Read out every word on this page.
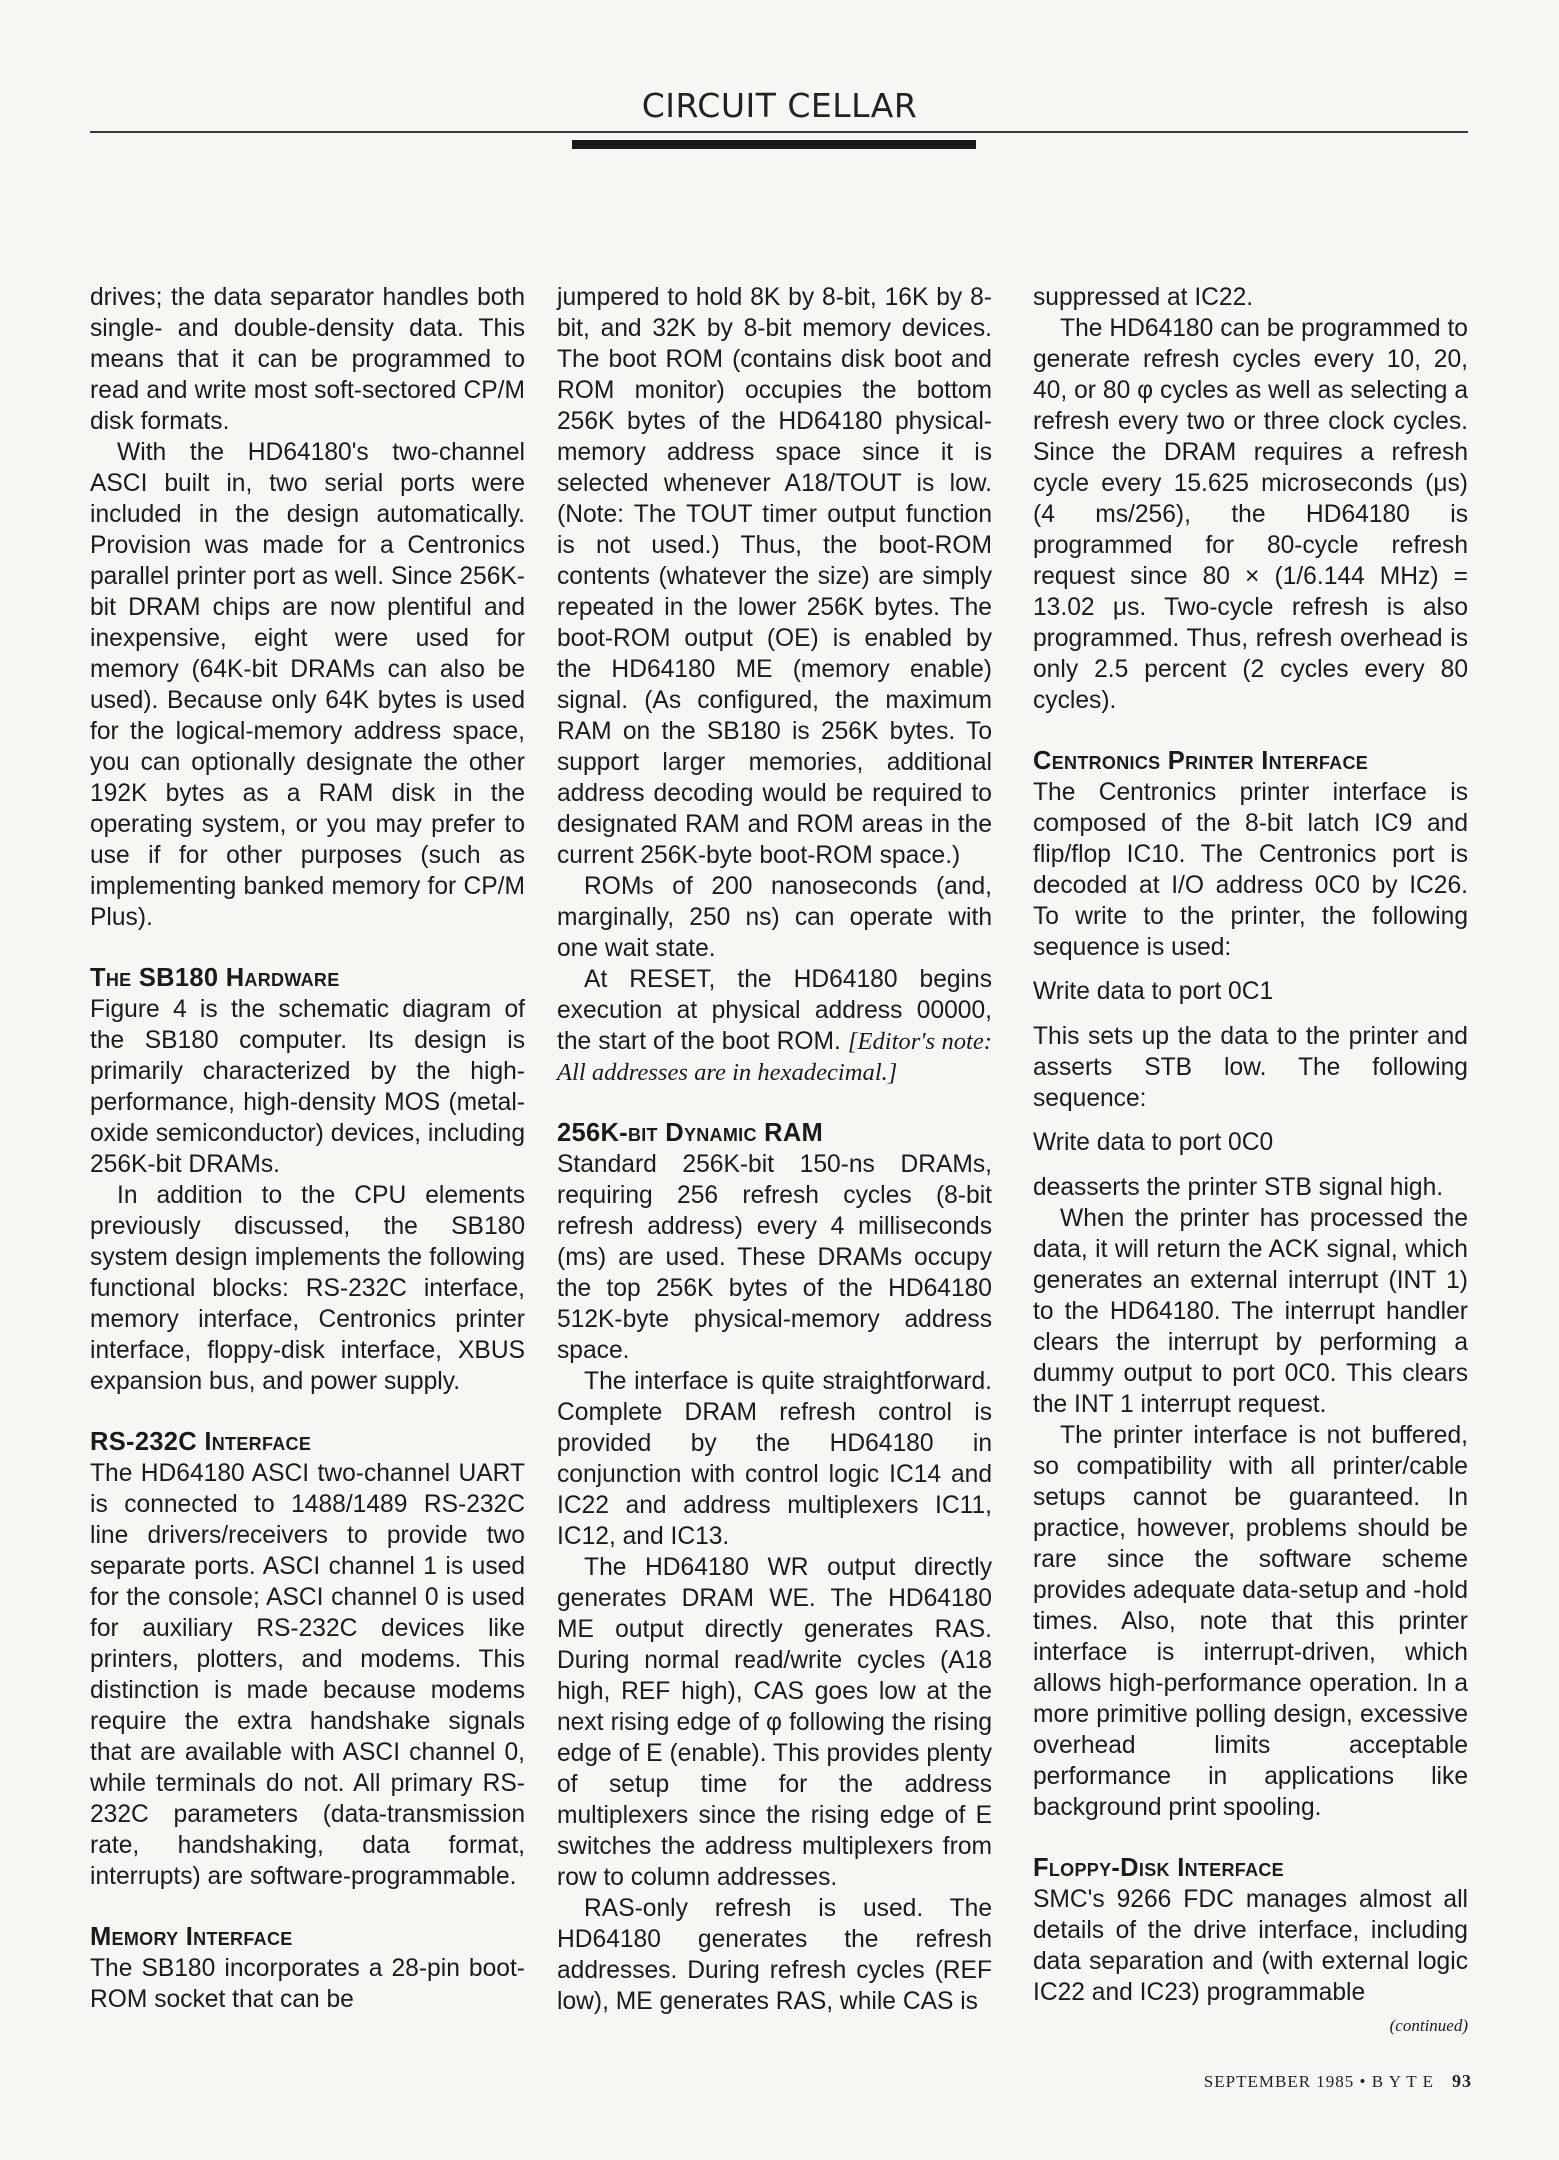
CIRCUIT CELLAR

drives; the data separator handles both single- and double-density data. This means that it can be programmed to read and write most soft-sectored CP/M disk formats.

With the HD64180's two-channel ASCI built in, two serial ports were included in the design automatically. Provision was made for a Centronics parallel printer port as well. Since 256K-bit DRAM chips are now plentiful and inexpensive, eight were used for memory (64K-bit DRAMs can also be used). Because only 64K bytes is used for the logical-memory address space, you can optionally designate the other 192K bytes as a RAM disk in the operating system, or you may prefer to use if for other purposes (such as implementing banked memory for CP/M Plus).

The SB180 Hardware

Figure 4 is the schematic diagram of the SB180 computer. Its design is primarily characterized by the high-performance, high-density MOS (metal-oxide semiconductor) devices, including 256K-bit DRAMs.

In addition to the CPU elements previously discussed, the SB180 system design implements the following functional blocks: RS-232C interface, memory interface, Centronics printer interface, floppy-disk interface, XBUS expansion bus, and power supply.

RS-232C Interface

The HD64180 ASCI two-channel UART is connected to 1488/1489 RS-232C line drivers/receivers to provide two separate ports. ASCI channel 1 is used for the console; ASCI channel 0 is used for auxiliary RS-232C devices like printers, plotters, and modems. This distinction is made because modems require the extra handshake signals that are available with ASCI channel 0, while terminals do not. All primary RS-232C parameters (data-transmission rate, handshaking, data format, interrupts) are software-programmable.

Memory Interface

The SB180 incorporates a 28-pin boot-ROM socket that can be

jumpered to hold 8K by 8-bit, 16K by 8-bit, and 32K by 8-bit memory devices. The boot ROM (contains disk boot and ROM monitor) occupies the bottom 256K bytes of the HD64180 physical-memory address space since it is selected whenever A18/TOUT is low. (Note: The TOUT timer output function is not used.) Thus, the boot-ROM contents (whatever the size) are simply repeated in the lower 256K bytes. The boot-ROM output (OE) is enabled by the HD64180 ME (memory enable) signal. (As configured, the maximum RAM on the SB180 is 256K bytes. To support larger memories, additional address decoding would be required to designated RAM and ROM areas in the current 256K-byte boot-ROM space.)

ROMs of 200 nanoseconds (and, marginally, 250 ns) can operate with one wait state.

At RESET, the HD64180 begins execution at physical address 00000, the start of the boot ROM. [Editor's note: All addresses are in hexadecimal.]

256K-bit Dynamic RAM

Standard 256K-bit 150-ns DRAMs, requiring 256 refresh cycles (8-bit refresh address) every 4 milliseconds (ms) are used. These DRAMs occupy the top 256K bytes of the HD64180 512K-byte physical-memory address space.

The interface is quite straightforward. Complete DRAM refresh control is provided by the HD64180 in conjunction with control logic IC14 and IC22 and address multiplexers IC11, IC12, and IC13.

The HD64180 WR output directly generates DRAM WE. The HD64180 ME output directly generates RAS. During normal read/write cycles (A18 high, REF high), CAS goes low at the next rising edge of φ following the rising edge of E (enable). This provides plenty of setup time for the address multiplexers since the rising edge of E switches the address multiplexers from row to column addresses.

RAS-only refresh is used. The HD64180 generates the refresh addresses. During refresh cycles (REF low), ME generates RAS, while CAS is

suppressed at IC22.

The HD64180 can be programmed to generate refresh cycles every 10, 20, 40, or 80 φ cycles as well as selecting a refresh every two or three clock cycles. Since the DRAM requires a refresh cycle every 15.625 microseconds (μs) (4 ms/256), the HD64180 is programmed for 80-cycle refresh request since 80 × (1/6.144 MHz) = 13.02 μs. Two-cycle refresh is also programmed. Thus, refresh overhead is only 2.5 percent (2 cycles every 80 cycles).

Centronics Printer Interface

The Centronics printer interface is composed of the 8-bit latch IC9 and flip/flop IC10. The Centronics port is decoded at I/O address 0C0 by IC26. To write to the printer, the following sequence is used:

Write data to port 0C1

This sets up the data to the printer and asserts STB low. The following sequence:

Write data to port 0C0

deasserts the printer STB signal high.

When the printer has processed the data, it will return the ACK signal, which generates an external interrupt (INT 1) to the HD64180. The interrupt handler clears the interrupt by performing a dummy output to port 0C0. This clears the INT 1 interrupt request.

The printer interface is not buffered, so compatibility with all printer/cable setups cannot be guaranteed. In practice, however, problems should be rare since the software scheme provides adequate data-setup and -hold times. Also, note that this printer interface is interrupt-driven, which allows high-performance operation. In a more primitive polling design, excessive overhead limits acceptable performance in applications like background print spooling.

Floppy-Disk Interface

SMC's 9266 FDC manages almost all details of the drive interface, including data separation and (with external logic IC22 and IC23) programmable

(continued)
SEPTEMBER 1985 • B Y T E 93
